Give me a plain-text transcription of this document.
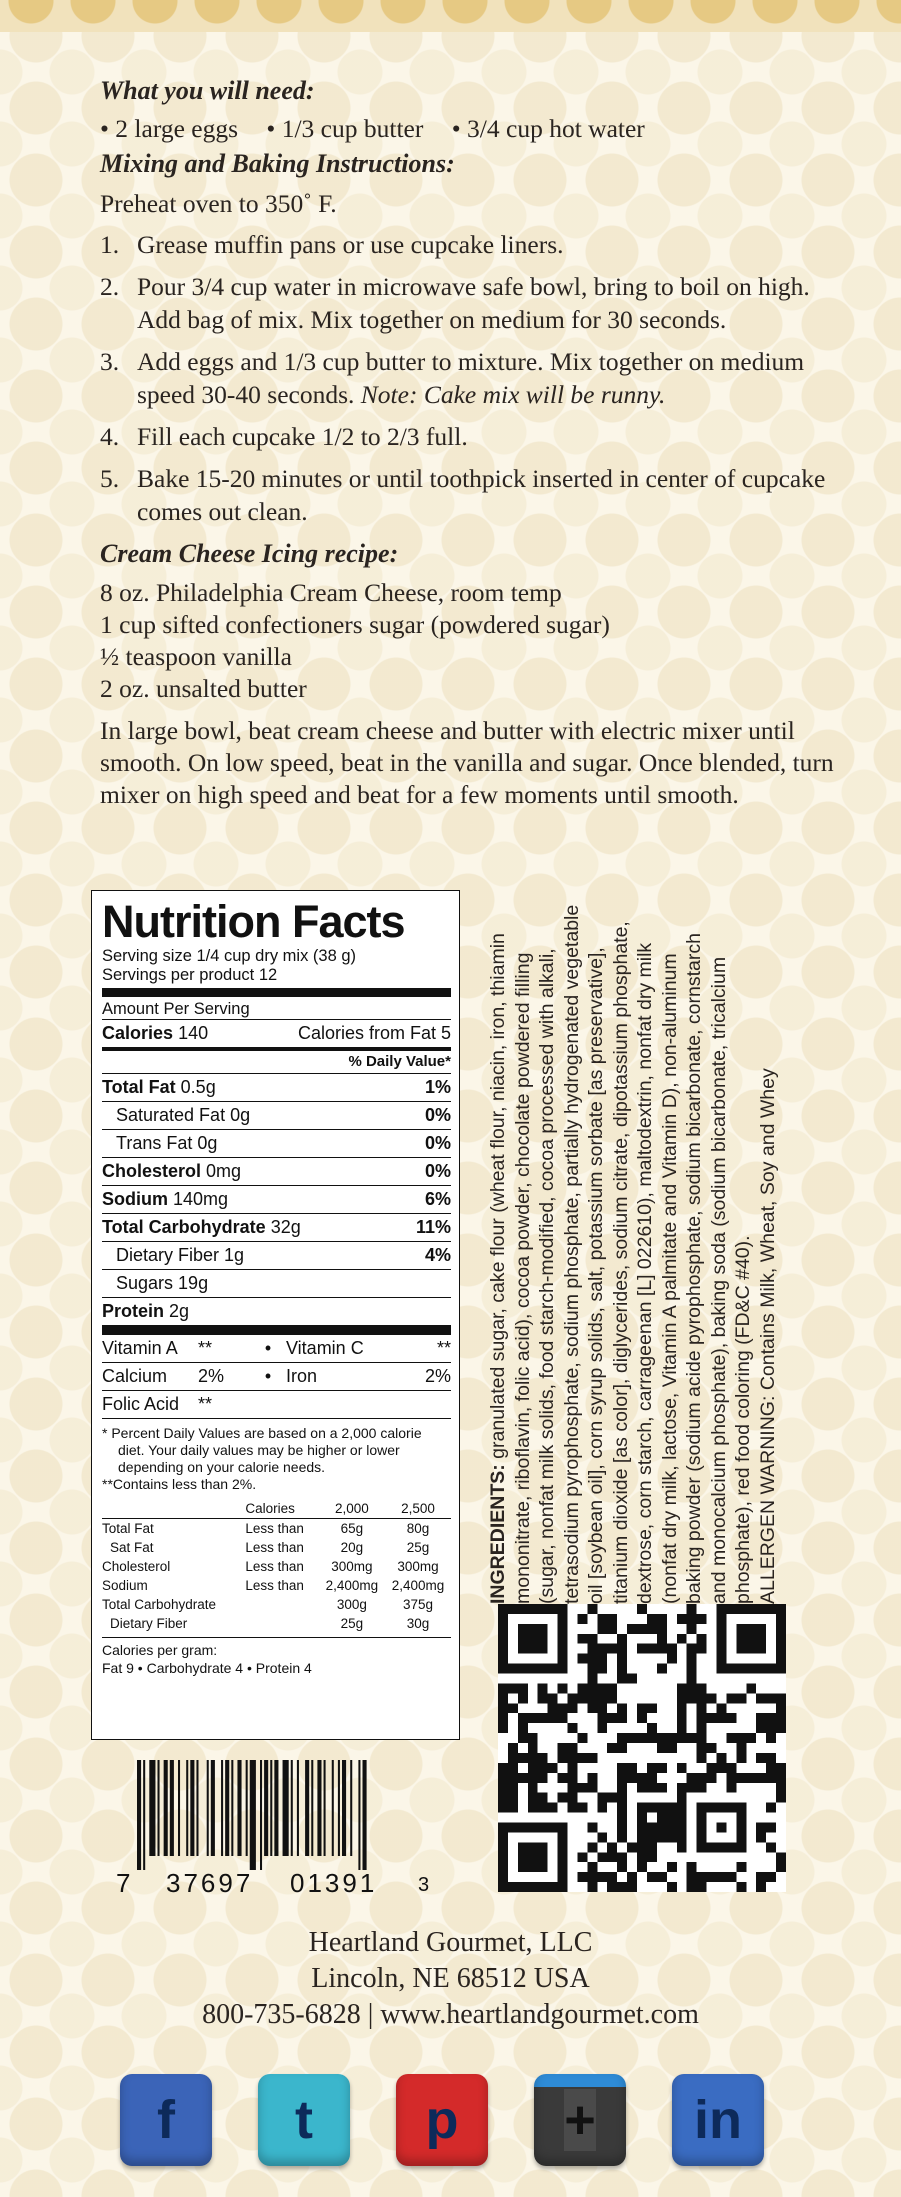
What you will need:
• 2 large eggs • 1/3 cup butter • 3/4 cup hot water
Mixing and Baking Instructions:
Preheat oven to 350˚ F.
1. Grease muffin pans or use cupcake liners.
2. Pour 3/4 cup water in microwave safe bowl, bring to boil on high. Add bag of mix. Mix together on medium for 30 seconds.
3. Add eggs and 1/3 cup butter to mixture. Mix together on medium speed 30-40 seconds. Note: Cake mix will be runny.
4. Fill each cupcake 1/2 to 2/3 full.
5. Bake 15-20 minutes or until toothpick inserted in center of cupcake comes out clean.
Cream Cheese Icing recipe:
8 oz. Philadelphia Cream Cheese, room temp
1 cup sifted confectioners sugar (powdered sugar)
½ teaspoon vanilla
2 oz. unsalted butter
In large bowl, beat cream cheese and butter with electric mixer until smooth. On low speed, beat in the vanilla and sugar. Once blended, turn mixer on high speed and beat for a few moments until smooth.
Nutrition Facts
Serving size 1/4 cup dry mix (38 g)
Servings per product 12
Amount Per Serving
Calories 140	Calories from Fat 5
% Daily Value*
Total Fat 0.5g	1%
Saturated Fat 0g	0%
Trans Fat 0g	0%
Cholesterol 0mg	0%
Sodium 140mg	6%
Total Carbohydrate 32g	11%
Dietary Fiber 1g	4%
Sugars 19g
Protein 2g
Vitamin A	**	• Vitamin C	**
Calcium	2%	• Iron	2%
Folic Acid	**
* Percent Daily Values are based on a 2,000 calorie diet. Your daily values may be higher or lower depending on your calorie needs.
**Contains less than 2%.
	Calories	2,000	2,500
Total Fat	Less than	65g	80g
Sat Fat	Less than	20g	25g
Cholesterol	Less than	300mg	300mg
Sodium	Less than	2,400mg	2,400mg
Total Carbohydrate		300g	375g
Dietary Fiber		25g	30g
Calories per gram:
Fat 9 • Carbohydrate 4 • Protein 4
INGREDIENTS: granulated sugar, cake flour (wheat flour, niacin, iron, thiamin mononitrate, riboflavin, folic acid), cocoa powder, chocolate powdered filling (sugar, nonfat milk solids, food starch-modified, cocoa processed with alkali, tetrasodium pyrophosphate, sodium phosphate, partially hydrogenated vegetable oil [soybean oil], corn syrup solids, salt, potassium sorbate [as preservative], titanium dioxide [as color], diglycerides, sodium citrate, dipotassium phosphate, dextrose, corn starch, carrageenan [L] 022610), maltodextrin, nonfat dry milk (nonfat dry milk, lactose, Vitamin A palmitate and Vitamin D), non-aluminum baking powder (sodium acide pyrophosphate, sodium bicarbonate, cornstarch and monocalcium phosphate), baking soda (sodium bicarbonate, tricalcium phosphate), red food coloring (FD&C #40). ALLERGEN WARNING: Contains Milk, Wheat, Soy and Whey
7	37697	01391	3
Heartland Gourmet, LLC
Lincoln, NE 68512 USA
800-735-6828 | www.heartlandgourmet.com
f t p + in
